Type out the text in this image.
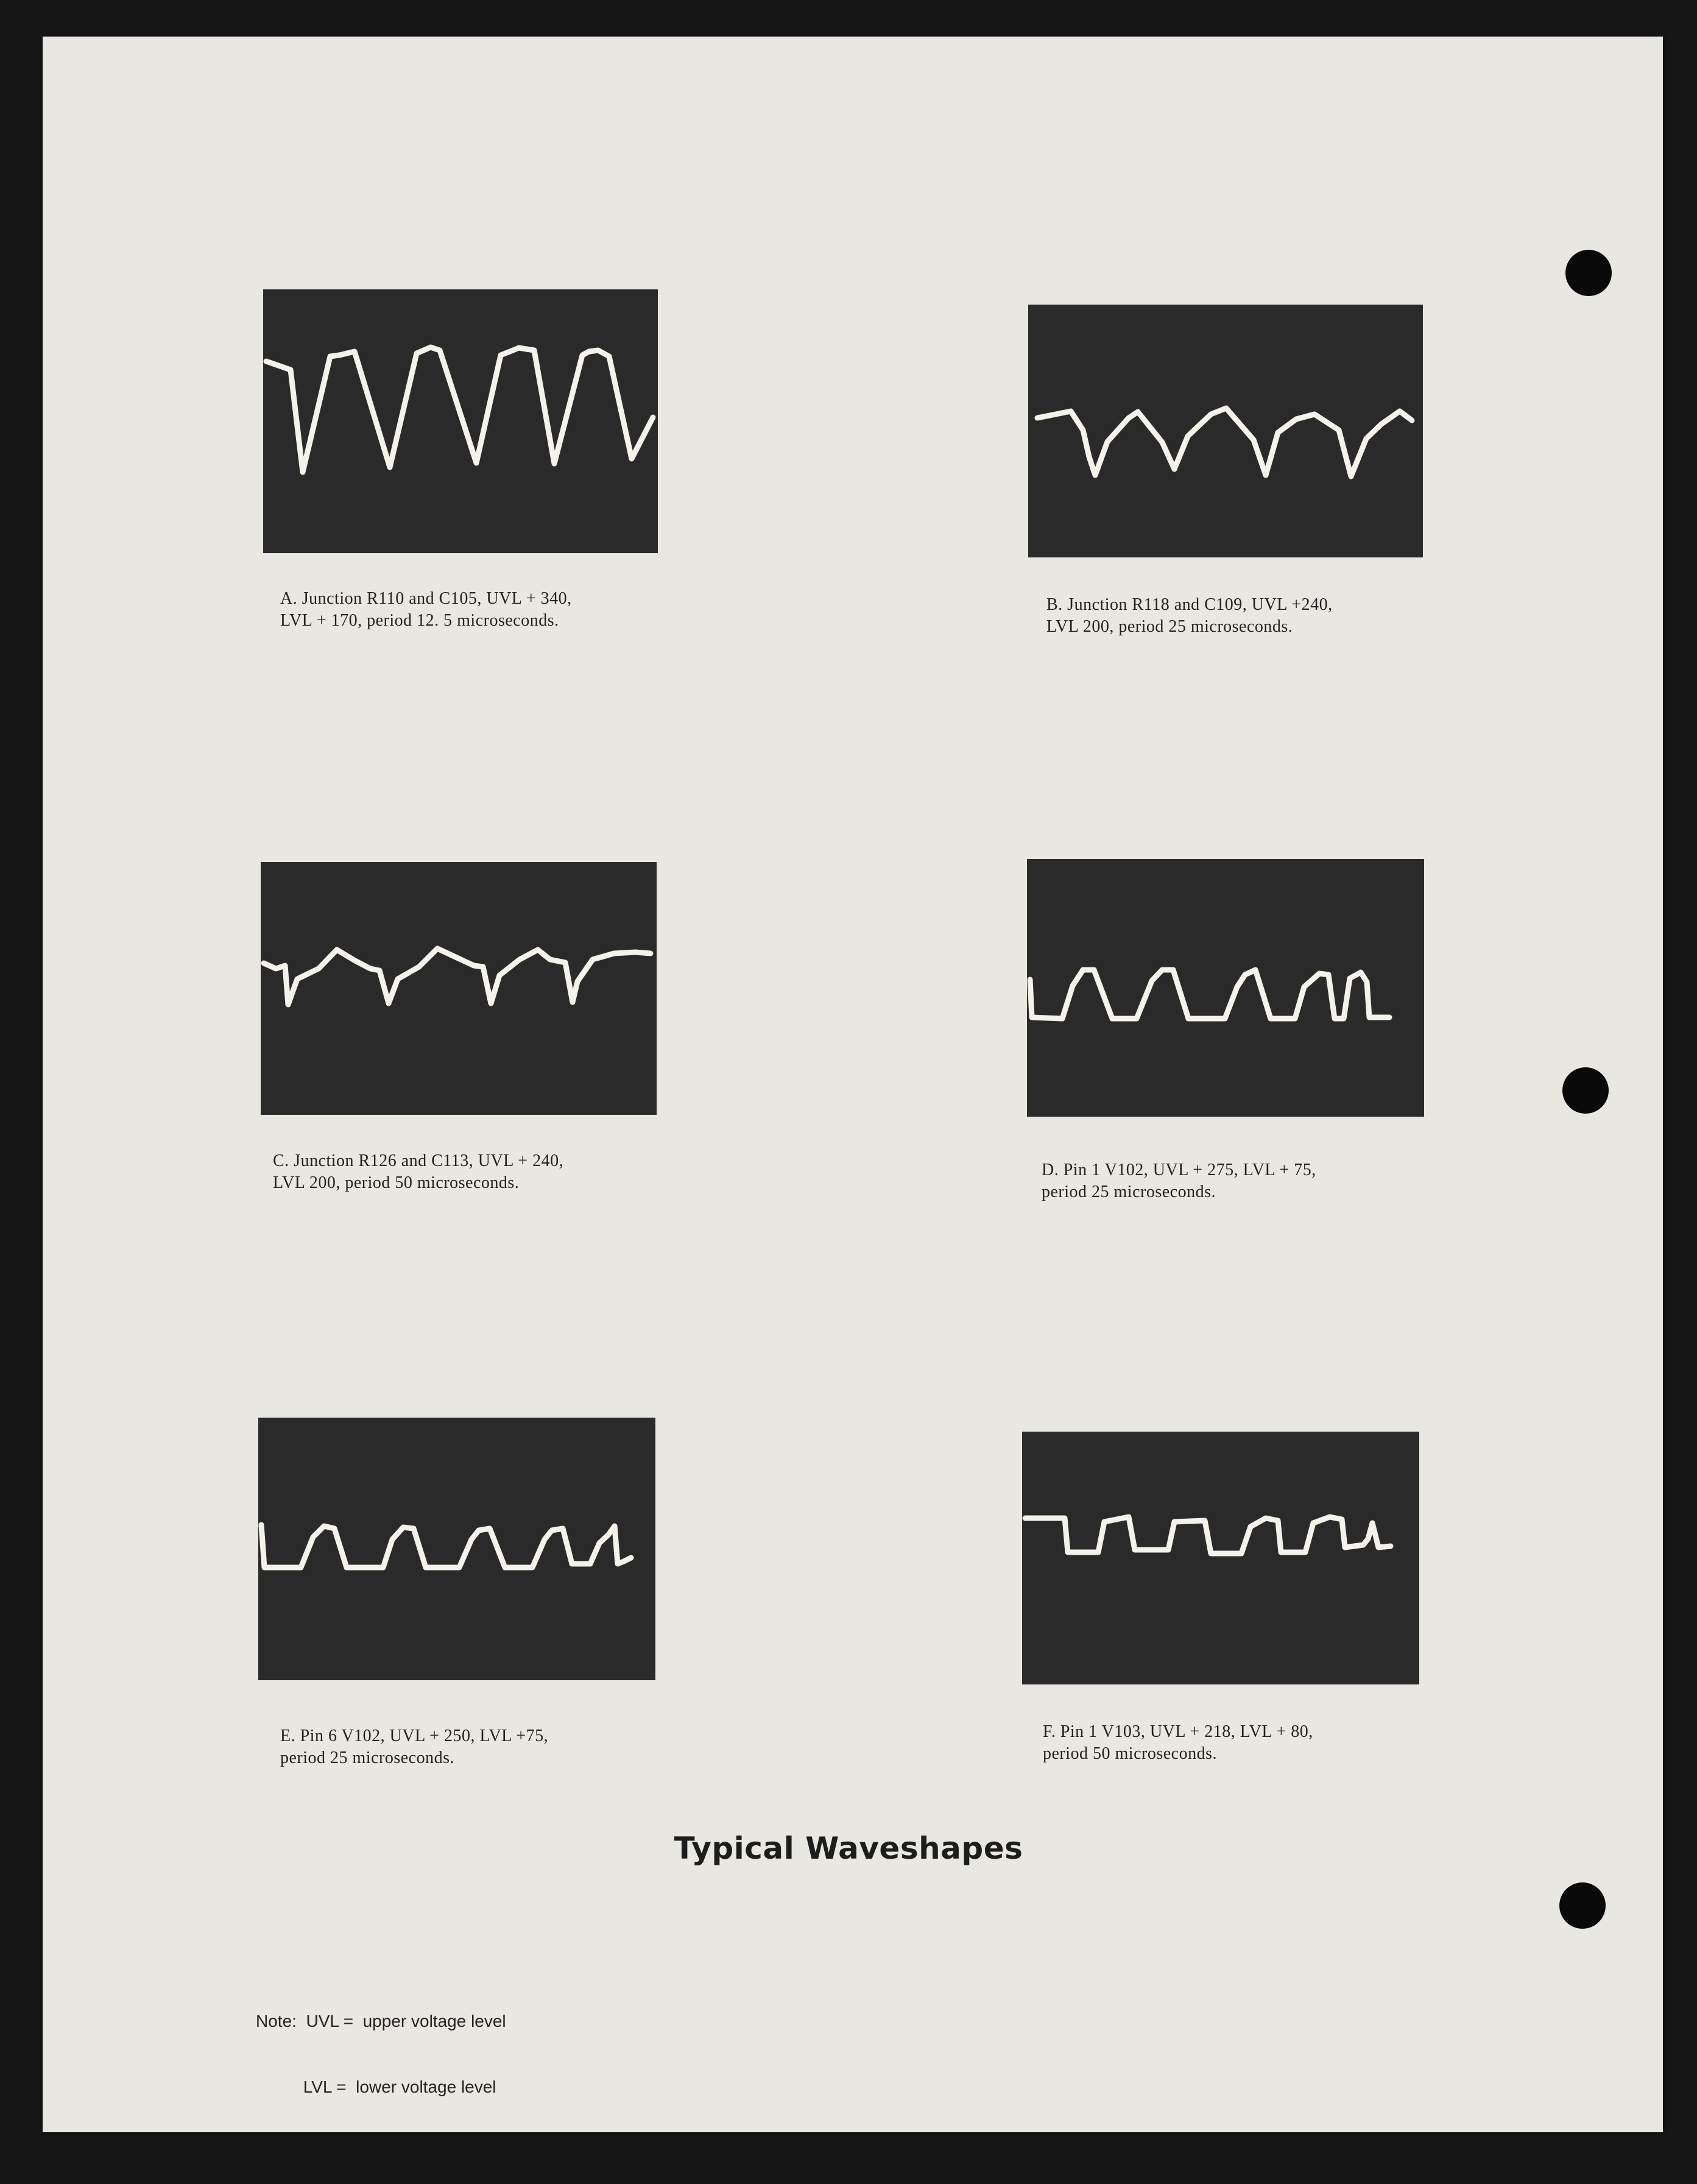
A. Junction R110 and C105, UVL + 340,
LVL + 170, period 12. 5 microseconds.
B. Junction R118 and C109, UVL +240,
LVL 200, period 25 microseconds.
C. Junction R126 and C113, UVL + 240,
LVL 200, period 50 microseconds.
D. Pin 1 V102, UVL + 275, LVL + 75,
period 25 microseconds.
E. Pin 6 V102, UVL + 250, LVL +75,
period 25 microseconds.
F. Pin 1 V103, UVL + 218, LVL + 80,
period 50 microseconds.
Typical Waveshapes

Note:  UVL =  upper voltage level

LVL =  lower voltage level
